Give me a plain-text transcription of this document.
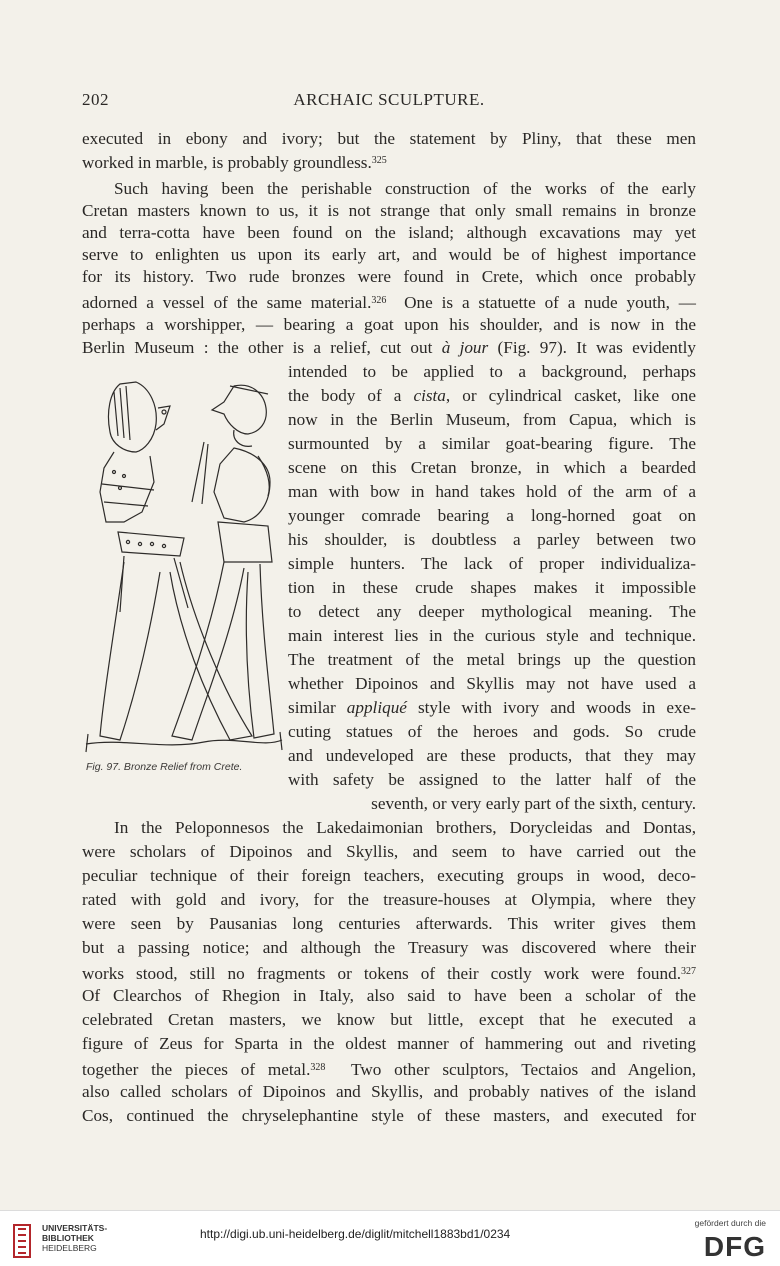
202	ARCHAIC SCULPTURE.
executed in ebony and ivory; but the statement by Pliny, that these men
worked in marble, is probably groundless.$^{325}$
Such having been the perishable construction of the works of the early
Cretan masters known to us, it is not strange that only small remains in bronze
and terra-cotta have been found on the island; although excavations may yet
serve to enlighten us upon its early art, and would be of highest importance
for its history. Two rude bronzes were found in Crete, which once probably
adorned a vessel of the same material.$^{326}$ One is a statuette of a nude youth, —
perhaps a worshipper, — bearing a goat upon his shoulder, and is now in the
Berlin Museum : the other is a relief, cut out à jour (Fig. 97). It was evidently
Fig. 97. Bronze Relief from Crete.
intended to be applied to a background, perhaps
the body of a cista, or cylindrical casket, like one
now in the Berlin Museum, from Capua, which is
surmounted by a similar goat-bearing figure. The
scene on this Cretan bronze, in which a bearded
man with bow in hand takes hold of the arm of a
younger comrade bearing a long-horned goat on
his shoulder, is doubtless a parley between two
simple hunters. The lack of proper individualiza-
tion in these crude shapes makes it impossible
to detect any deeper mythological meaning. The
main interest lies in the curious style and technique.
The treatment of the metal brings up the question
whether Dipoinos and Skyllis may not have used a
similar appliqué style with ivory and woods in exe-
cuting statues of the heroes and gods. So crude
and undeveloped are these products, that they may
with safety be assigned to the latter half of the
seventh, or very early part of the sixth, century.
In the Peloponnesos the Lakedaimonian brothers, Dorycleidas and Dontas,
were scholars of Dipoinos and Skyllis, and seem to have carried out the
peculiar technique of their foreign teachers, executing groups in wood, deco-
rated with gold and ivory, for the treasure-houses at Olympia, where they
were seen by Pausanias long centuries afterwards. This writer gives them
but a passing notice; and although the Treasury was discovered where their
works stood, still no fragments or tokens of their costly work were found.$^{327}$
Of Clearchos of Rhegion in Italy, also said to have been a scholar of the
celebrated Cretan masters, we know but little, except that he executed a
figure of Zeus for Sparta in the oldest manner of hammering out and riveting
together the pieces of metal.$^{328}$ Two other sculptors, Tectaios and Angelion,
also called scholars of Dipoinos and Skyllis, and probably natives of the island
Cos, continued the chryselephantine style of these masters, and executed for
UNIVERSITÄTS-
BIBLIOTHEK
HEIDELBERG
http://digi.ub.uni-heidelberg.de/diglit/mitchell1883bd1/0234
gefördert durch die
DFG
